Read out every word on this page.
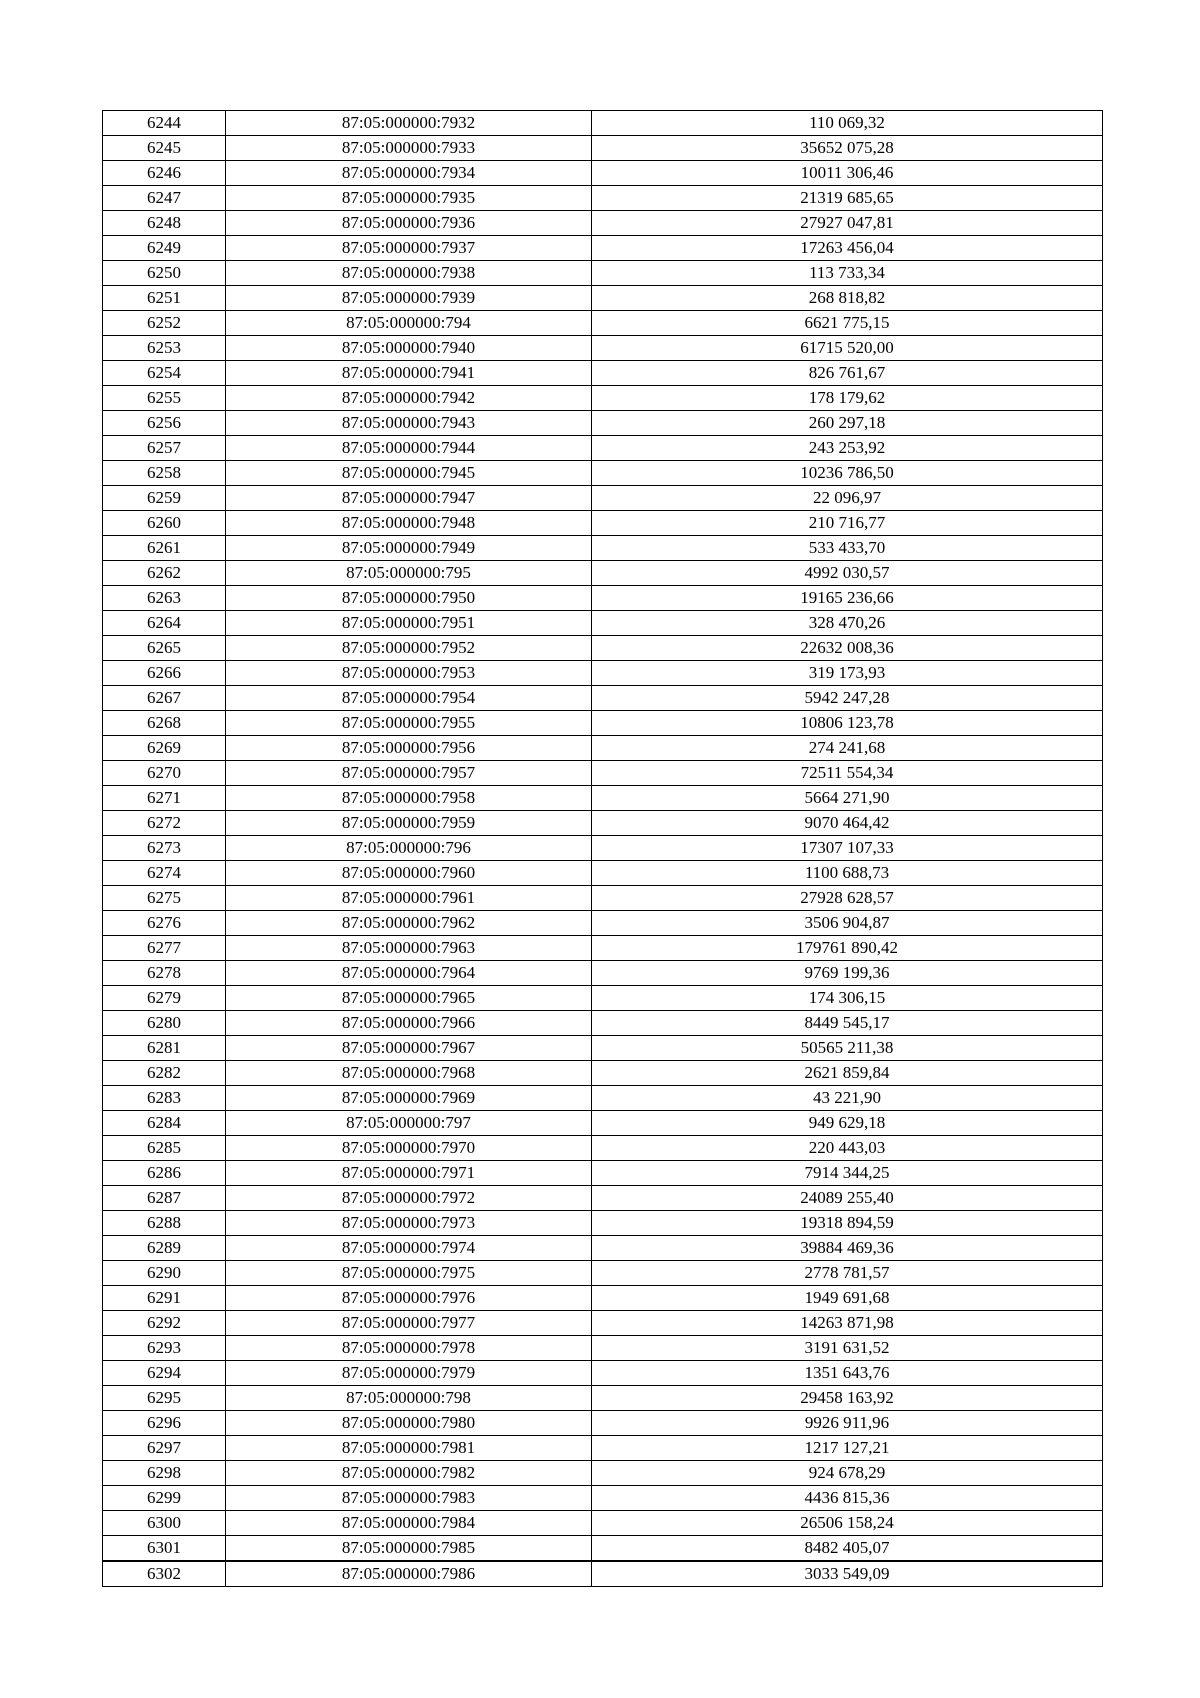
6244	87:05:000000:7932	110 069,32
6245	87:05:000000:7933	35652 075,28
6246	87:05:000000:7934	10011 306,46
6247	87:05:000000:7935	21319 685,65
6248	87:05:000000:7936	27927 047,81
6249	87:05:000000:7937	17263 456,04
6250	87:05:000000:7938	113 733,34
6251	87:05:000000:7939	268 818,82
6252	87:05:000000:794	6621 775,15
6253	87:05:000000:7940	61715 520,00
6254	87:05:000000:7941	826 761,67
6255	87:05:000000:7942	178 179,62
6256	87:05:000000:7943	260 297,18
6257	87:05:000000:7944	243 253,92
6258	87:05:000000:7945	10236 786,50
6259	87:05:000000:7947	22 096,97
6260	87:05:000000:7948	210 716,77
6261	87:05:000000:7949	533 433,70
6262	87:05:000000:795	4992 030,57
6263	87:05:000000:7950	19165 236,66
6264	87:05:000000:7951	328 470,26
6265	87:05:000000:7952	22632 008,36
6266	87:05:000000:7953	319 173,93
6267	87:05:000000:7954	5942 247,28
6268	87:05:000000:7955	10806 123,78
6269	87:05:000000:7956	274 241,68
6270	87:05:000000:7957	72511 554,34
6271	87:05:000000:7958	5664 271,90
6272	87:05:000000:7959	9070 464,42
6273	87:05:000000:796	17307 107,33
6274	87:05:000000:7960	1100 688,73
6275	87:05:000000:7961	27928 628,57
6276	87:05:000000:7962	3506 904,87
6277	87:05:000000:7963	179761 890,42
6278	87:05:000000:7964	9769 199,36
6279	87:05:000000:7965	174 306,15
6280	87:05:000000:7966	8449 545,17
6281	87:05:000000:7967	50565 211,38
6282	87:05:000000:7968	2621 859,84
6283	87:05:000000:7969	43 221,90
6284	87:05:000000:797	949 629,18
6285	87:05:000000:7970	220 443,03
6286	87:05:000000:7971	7914 344,25
6287	87:05:000000:7972	24089 255,40
6288	87:05:000000:7973	19318 894,59
6289	87:05:000000:7974	39884 469,36
6290	87:05:000000:7975	2778 781,57
6291	87:05:000000:7976	1949 691,68
6292	87:05:000000:7977	14263 871,98
6293	87:05:000000:7978	3191 631,52
6294	87:05:000000:7979	1351 643,76
6295	87:05:000000:798	29458 163,92
6296	87:05:000000:7980	9926 911,96
6297	87:05:000000:7981	1217 127,21
6298	87:05:000000:7982	924 678,29
6299	87:05:000000:7983	4436 815,36
6300	87:05:000000:7984	26506 158,24
6301	87:05:000000:7985	8482 405,07
6302	87:05:000000:7986	3033 549,09
